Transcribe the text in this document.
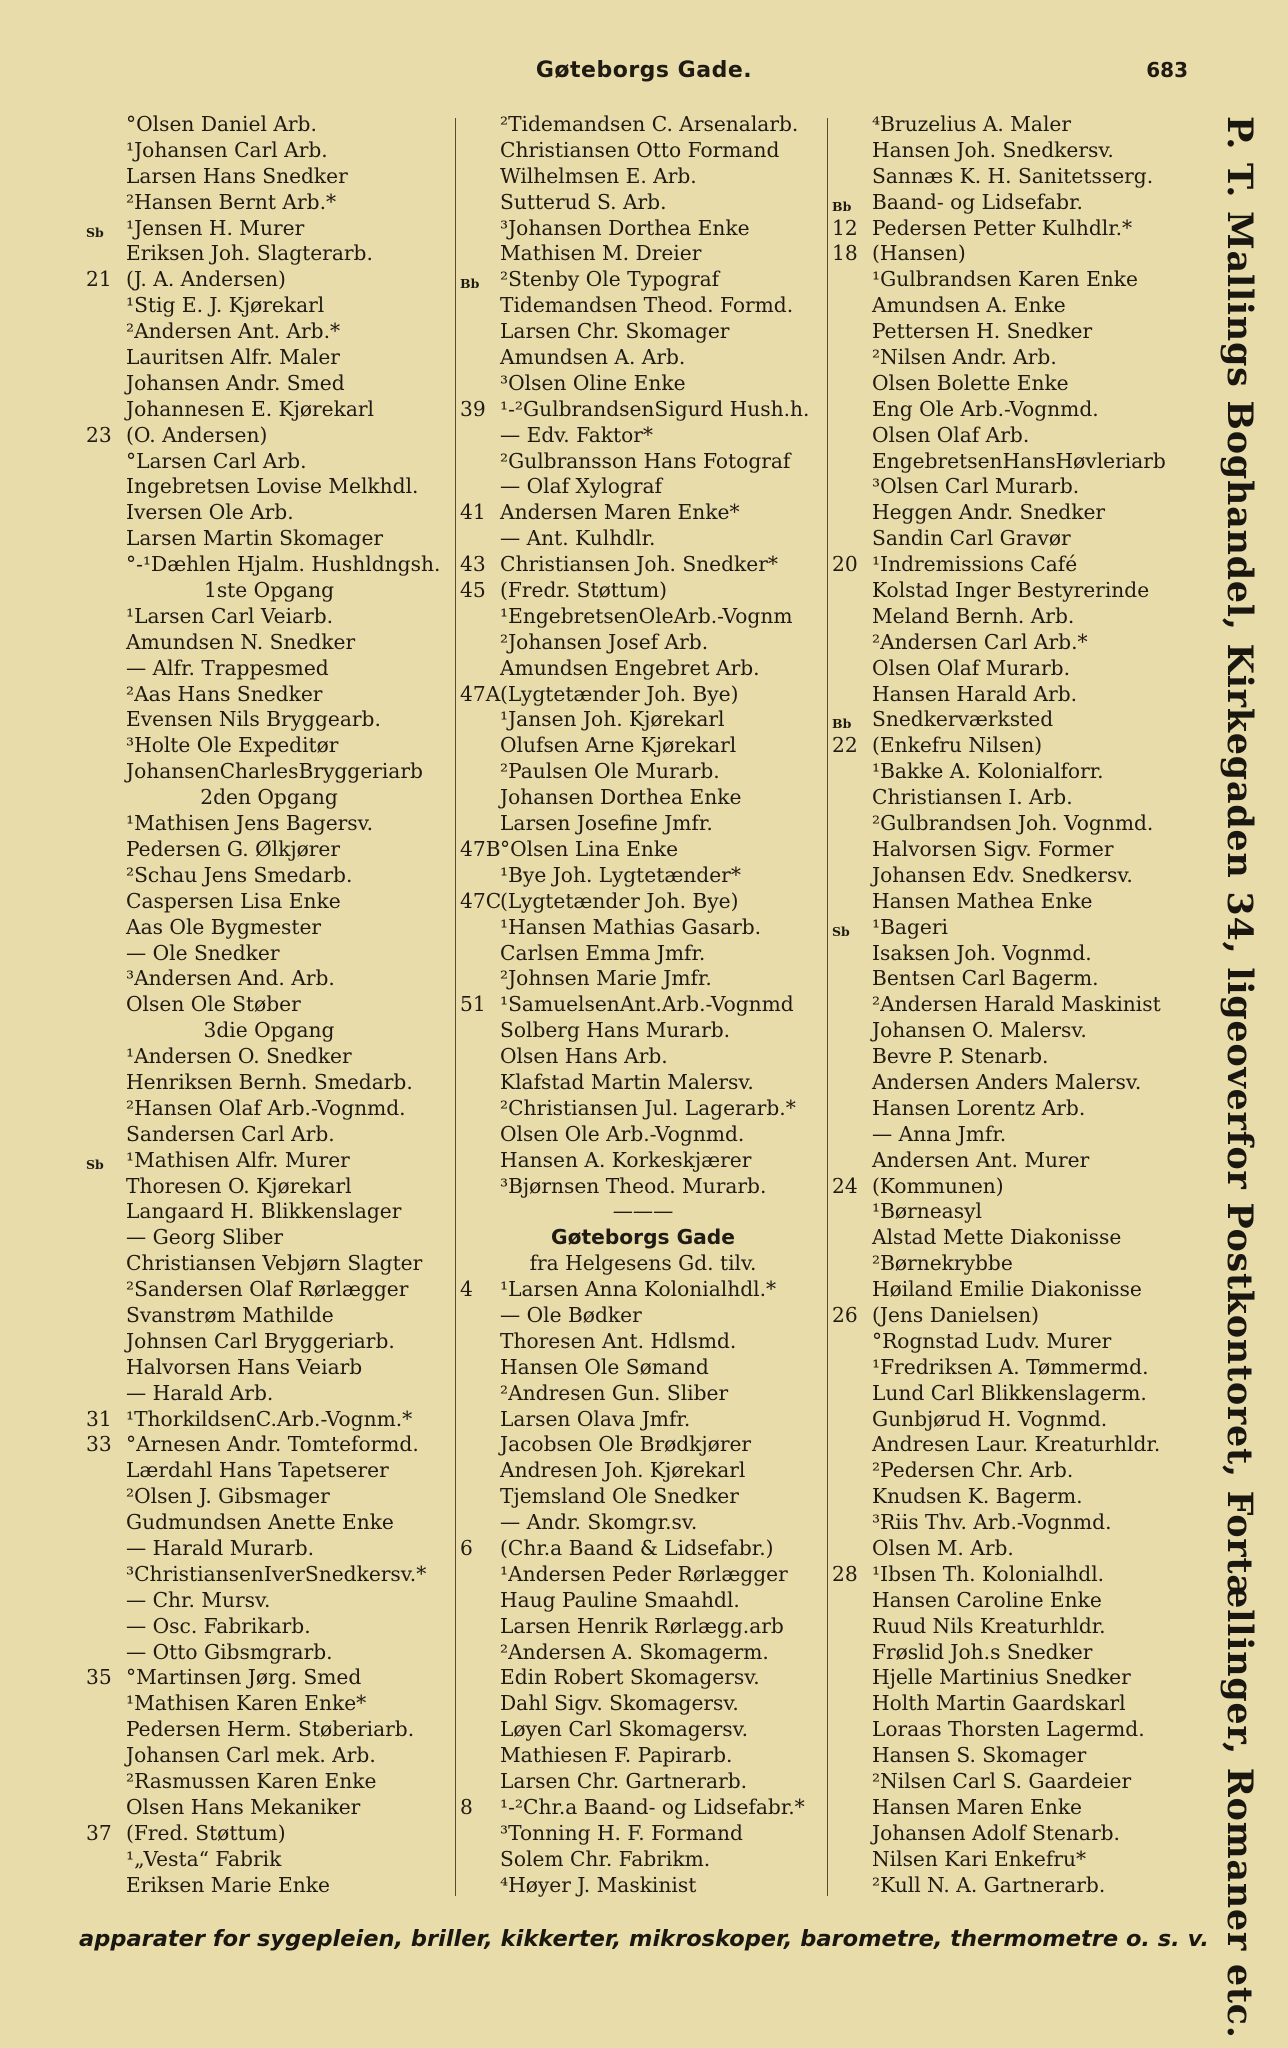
Gøteborgs Gade.	683
°Olsen Daniel Arb.
¹Johansen Carl Arb.
Larsen Hans Snedker
²Hansen Bernt Arb.*
Sb ¹Jensen H. Murer
Eriksen Joh. Slagterarb.
21 (J. A. Andersen)
¹Stig E. J. Kjørekarl
²Andersen Ant. Arb.*
Lauritsen Alfr. Maler
Johansen Andr. Smed
Johannesen E. Kjørekarl
23 (O. Andersen)
°Larsen Carl Arb.
Ingebretsen Lovise Melkhdl.
Iversen Ole Arb.
Larsen Martin Skomager
°-¹Dæhlen Hjalm. Hushldngsh.
1ste Opgang
¹Larsen Carl Veiarb.
Amundsen N. Snedker
— Alfr. Trappesmed
²Aas Hans Snedker
Evensen Nils Bryggearb.
³Holte Ole Expeditør
JohansenCharlesBryggeriarb
2den Opgang
¹Mathisen Jens Bagersv.
Pedersen G. Ølkjører
²Schau Jens Smedarb.
Caspersen Lisa Enke
Aas Ole Bygmester
— Ole Snedker
³Andersen And. Arb.
Olsen Ole Støber
3die Opgang
¹Andersen O. Snedker
Henriksen Bernh. Smedarb.
²Hansen Olaf Arb.-Vognmd.
Sandersen Carl Arb.
Sb ¹Mathisen Alfr. Murer
Thoresen O. Kjørekarl
Langaard H. Blikkenslager
— Georg Sliber
Christiansen Vebjørn Slagter
²Sandersen Olaf Rørlægger
Svanstrøm Mathilde
Johnsen Carl Bryggeriarb.
Halvorsen Hans Veiarb
— Harald Arb.
31 ¹ThorkildsenC.Arb.-Vognm.*
33 °Arnesen Andr. Tomteformd.
Lærdahl Hans Tapetserer
²Olsen J. Gibsmager
Gudmundsen Anette Enke
— Harald Murarb.
³ChristiansenIverSnedkersv.*
— Chr. Mursv.
— Osc. Fabrikarb.
— Otto Gibsmgrarb.
35 °Martinsen Jørg. Smed
¹Mathisen Karen Enke*
Pedersen Herm. Støberiarb.
Johansen Carl mek. Arb.
²Rasmussen Karen Enke
Olsen Hans Mekaniker
37 (Fred. Støttum)
¹„Vesta“ Fabrik
Eriksen Marie Enke
²Tidemandsen C. Arsenalarb.
Christiansen Otto Formand
Wilhelmsen E. Arb.
Sutterud S. Arb.
³Johansen Dorthea Enke
Mathisen M. Dreier
Bb ²Stenby Ole Typograf
Tidemandsen Theod. Formd.
Larsen Chr. Skomager
Amundsen A. Arb.
³Olsen Oline Enke
39 ¹-²GulbrandsenSigurd Hush.h.
— Edv. Faktor*
²Gulbransson Hans Fotograf
— Olaf Xylograf
41 Andersen Maren Enke*
— Ant. Kulhdlr.
43 Christiansen Joh. Snedker*
45 (Fredr. Støttum)
¹EngebretsenOleArb.-Vognm
²Johansen Josef Arb.
Amundsen Engebret Arb.
47A (Lygtetænder Joh. Bye)
¹Jansen Joh. Kjørekarl
Olufsen Arne Kjørekarl
²Paulsen Ole Murarb.
Johansen Dorthea Enke
Larsen Josefine Jmfr.
47B °Olsen Lina Enke
¹Bye Joh. Lygtetænder*
47C
(Lygtetænder Joh. Bye)
¹Hansen Mathias Gasarb.
Carlsen Emma Jmfr.
²Johnsen Marie Jmfr.
51 ¹SamuelsenAnt.Arb.-Vognmd
Solberg Hans Murarb.
Olsen Hans Arb.
Klafstad Martin Malersv.
²Christiansen Jul. Lagerarb.*
Olsen Ole Arb.-Vognmd.
Hansen A. Korkeskjærer
³Bjørnsen Theod. Murarb.
———
Gøteborgs Gade
fra Helgesens Gd. tilv.
4 ¹Larsen Anna Kolonialhdl.*
— Ole Bødker
Thoresen Ant. Hdlsmd.
Hansen Ole Sømand
²Andresen Gun. Sliber
Larsen Olava Jmfr.
Jacobsen Ole Brødkjører
Andresen Joh. Kjørekarl
Tjemsland Ole Snedker
— Andr. Skomgr.sv.
6 (Chr.a Baand & Lidsefabr.)
¹Andersen Peder Rørlægger
Haug Pauline Smaahdl.
Larsen Henrik Rørlægg.arb
²Andersen A. Skomagerm.
Edin Robert Skomagersv.
Dahl Sigv. Skomagersv.
Løyen Carl Skomagersv.
Mathiesen F. Papirarb.
Larsen Chr. Gartnerarb.
8 ¹-²Chr.a Baand- og Lidsefabr.*
³Tonning H. F. Formand
Solem Chr. Fabrikm.
⁴Høyer J. Maskinist
⁴Bruzelius A. Maler
Hansen Joh. Snedkersv.
Sannæs K. H. Sanitetsserg.
Bb Baand- og Lidsefabr.
12 Pedersen Petter Kulhdlr.*
18 (Hansen)
¹Gulbrandsen Karen Enke
Amundsen A. Enke
Pettersen H. Snedker
²Nilsen Andr. Arb.
Olsen Bolette Enke
Eng Ole Arb.-Vognmd.
Olsen Olaf Arb.
EngebretsenHansHøvleriarb
³Olsen Carl Murarb.
Heggen Andr. Snedker
Sandin Carl Gravør
20 ¹Indremissions Café
Kolstad Inger Bestyrerinde
Meland Bernh. Arb.
²Andersen Carl Arb.*
Olsen Olaf Murarb.
Hansen Harald Arb.
Bb Snedkerværksted
22 (Enkefru Nilsen)
¹Bakke A. Kolonialforr.
Christiansen I. Arb.
²Gulbrandsen Joh. Vognmd.
Halvorsen Sigv. Former
Johansen Edv. Snedkersv.
Hansen Mathea Enke
Sb ¹Bageri
Isaksen Joh. Vognmd.
Bentsen Carl Bagerm.
²Andersen Harald Maskinist
Johansen O. Malersv.
Bevre P. Stenarb.
Andersen Anders Malersv.
Hansen Lorentz Arb.
— Anna Jmfr.
Andersen Ant. Murer
24 (Kommunen)
¹Børneasyl
Alstad Mette Diakonisse
²Børnekrybbe
Høiland Emilie Diakonisse
26 (Jens Danielsen)
°Rognstad Ludv. Murer
¹Fredriksen A. Tømmermd.
Lund Carl Blikkenslagerm.
Gunbjørud H. Vognmd.
Andresen Laur. Kreaturhldr.
²Pedersen Chr. Arb.
Knudsen K. Bagerm.
³Riis Thv. Arb.-Vognmd.
Olsen M. Arb.
28 ¹Ibsen Th. Kolonialhdl.
Hansen Caroline Enke
Ruud Nils Kreaturhldr.
Frøslid Joh.s Snedker
Hjelle Martinius Snedker
Holth Martin Gaardskarl
Loraas Thorsten Lagermd.
Hansen S. Skomager
²Nilsen Carl S. Gaardeier
Hansen Maren Enke
Johansen Adolf Stenarb.
Nilsen Kari Enkefru*
²Kull N. A. Gartnerarb.	P. T. Mallings Boghandel, Kirkegaden 34, ligeoverfor Postkontoret, Fortællinger, Romaner etc.
apparater for sygepleien, briller, kikkerter, mikroskoper, barometre, thermometre o. s. v.
